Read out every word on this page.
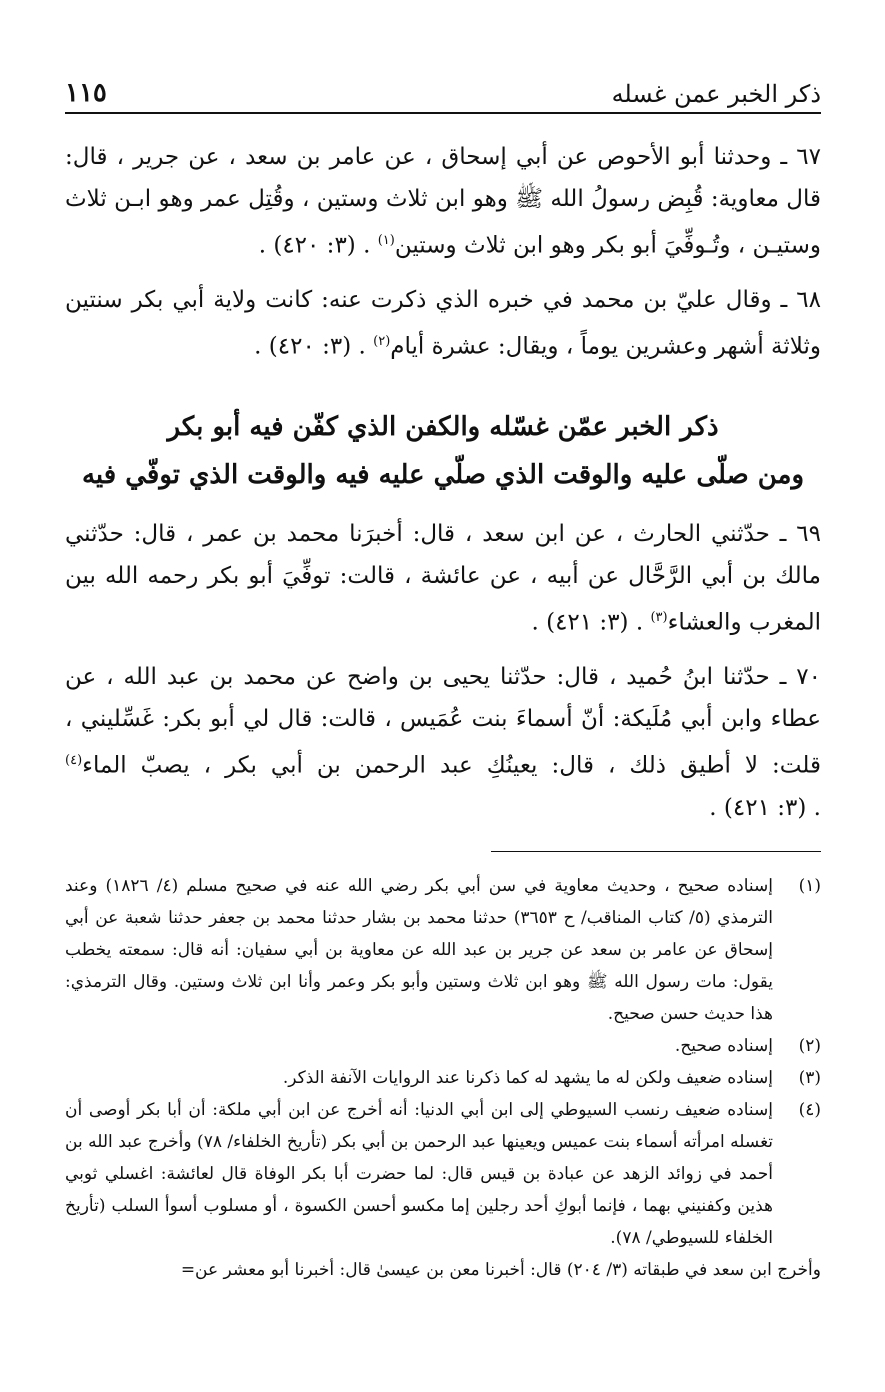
ذكر الخبر عمن غسله
١١٥

٦٧ ـ وحدثنا أبو الأحوص عن أبي إسحاق ، عن عامر بن سعد ، عن جرير ، قال: قال معاوية: قُبِض رسولُ الله ﷺ وهو ابن ثلاث وستين ، وقُتِل عمر وهو ابـن ثلاث وستيـن ، وتُـوفِّيَ أبو بكر وهو ابن ثلاث وستين$^{(١)}$ . (٣: ٤٢٠) .

٦٨ ـ وقال عليّ بن محمد في خبره الذي ذكرت عنه: كانت ولاية أبي بكر سنتين وثلاثة أشهر وعشرين يوماً ، ويقال: عشرة أيام$^{(٢)}$ . (٣: ٤٢٠) .

ذكر الخبر عمّن غسّله والكفن الذي كفّن فيه أبو بكر
ومن صلّى عليه والوقت الذي صلّي عليه فيه والوقت الذي توفّي فيه

٦٩ ـ حدّثني الحارث ، عن ابن سعد ، قال: أخبرَنا محمد بن عمر ، قال: حدّثني مالك بن أبي الرَّحَّال عن أبيه ، عن عائشة ، قالت: توفِّيَ أبو بكر رحمه الله بين المغرب والعشاء$^{(٣)}$ . (٣: ٤٢١) .

٧٠ ـ حدّثنا ابنُ حُميد ، قال: حدّثنا يحيى بن واضح عن محمد بن عبد الله ، عن عطاء وابن أبي مُلَيكة: أنّ أسماءَ بنت عُمَيس ، قالت: قال لي أبو بكر: غَسِّليني ، قلت: لا أطيق ذلك ، قال: يعينُكِ عبد الرحمن بن أبي بكر ، يصبّ الماء$^{(٤)}$ . (٣: ٤٢١) .

(١)
إسناده صحيح ، وحديث معاوية في سن أبي بكر رضي الله عنه في صحيح مسلم (٤/ ١٨٢٦) وعند الترمذي (٥/ كتاب المناقب/ ح ٣٦٥٣) حدثنا محمد بن بشار حدثنا محمد بن جعفر حدثنا شعبة عن أبي إسحاق عن عامر بن سعد عن جرير بن عبد الله عن معاوية بن أبي سفيان: أنه قال: سمعته يخطب يقول: مات رسول الله ﷺ وهو ابن ثلاث وستين وأبو بكر وعمر وأنا ابن ثلاث وستين. وقال الترمذي: هذا حديث حسن صحيح.
(٢)
إسناده صحيح.
(٣)
إسناده ضعيف ولكن له ما يشهد له كما ذكرنا عند الروايات الآنفة الذكر.
(٤)
إسناده ضعيف رنسب السيوطي إلى ابن أبي الدنيا: أنه أخرج عن ابن أبي ملكة: أن أبا بكر أوصى أن تغسله امرأته أسماء بنت عميس ويعينها عبد الرحمن بن أبي بكر (تأريخ الخلفاء/ ٧٨) وأخرج عبد الله بن أحمد في زوائد الزهد عن عبادة بن قيس قال: لما حضرت أبا بكر الوفاة قال لعائشة: اغسلي ثوبي هذين وكفنيني بهما ، فإنما أبوكِ أحد رجلين إما مكسو أحسن الكسوة ، أو مسلوب أسوأ السلب (تأريخ الخلفاء للسيوطي/ ٧٨).
وأخرج ابن سعد في طبقاته (٣/ ٢٠٤) قال: أخبرنا معن بن عيسىٰ قال: أخبرنا أبو معشر عن=
